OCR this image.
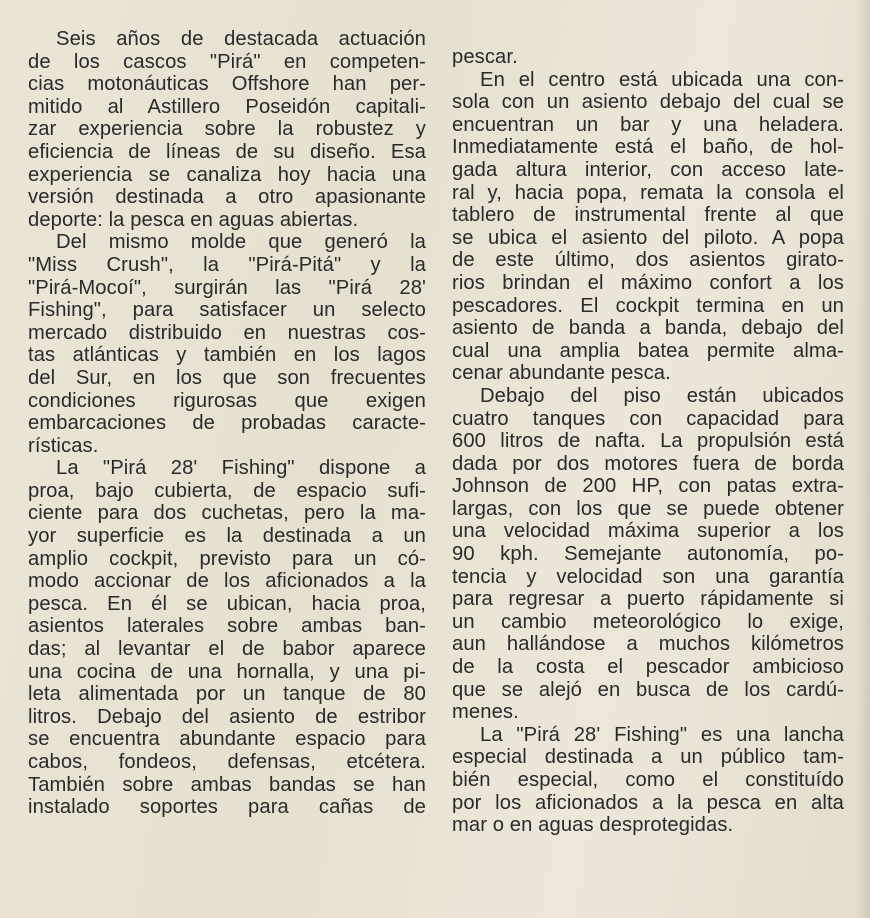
Seis años de destacada actuación
de los cascos "Pirá" en competen-
cias motonáuticas Offshore han per-
mitido al Astillero Poseidón capitali-
zar experiencia sobre la robustez y
eficiencia de líneas de su diseño. Esa
experiencia se canaliza hoy hacia una
versión destinada a otro apasionante
deporte: la pesca en aguas abiertas.
Del mismo molde que generó la
"Miss Crush", la "Pirá-Pitá" y la
"Pirá-Mocoí", surgirán las "Pirá 28'
Fishing", para satisfacer un selecto
mercado distribuido en nuestras cos-
tas atlánticas y también en los lagos
del Sur, en los que son frecuentes
condiciones rigurosas que exigen
embarcaciones de probadas caracte-
rísticas.
La "Pirá 28' Fishing" dispone a
proa, bajo cubierta, de espacio sufi-
ciente para dos cuchetas, pero la ma-
yor superficie es la destinada a un
amplio cockpit, previsto para un có-
modo accionar de los aficionados a la
pesca. En él se ubican, hacia proa,
asientos laterales sobre ambas ban-
das; al levantar el de babor aparece
una cocina de una hornalla, y una pi-
leta alimentada por un tanque de 80
litros. Debajo del asiento de estribor
se encuentra abundante espacio para
cabos, fondeos, defensas, etcétera.
También sobre ambas bandas se han
instalado soportes para cañas de
pescar.
En el centro está ubicada una con-
sola con un asiento debajo del cual se
encuentran un bar y una heladera.
Inmediatamente está el baño, de hol-
gada altura interior, con acceso late-
ral y, hacia popa, remata la consola el
tablero de instrumental frente al que
se ubica el asiento del piloto. A popa
de este último, dos asientos girato-
rios brindan el máximo confort a los
pescadores. El cockpit termina en un
asiento de banda a banda, debajo del
cual una amplia batea permite alma-
cenar abundante pesca.
Debajo del piso están ubicados
cuatro tanques con capacidad para
600 litros de nafta. La propulsión está
dada por dos motores fuera de borda
Johnson de 200 HP, con patas extra-
largas, con los que se puede obtener
una velocidad máxima superior a los
90 kph. Semejante autonomía, po-
tencia y velocidad son una garantía
para regresar a puerto rápidamente si
un cambio meteorológico lo exige,
aun hallándose a muchos kilómetros
de la costa el pescador ambicioso
que se alejó en busca de los cardú-
menes.
La "Pirá 28' Fishing" es una lancha
especial destinada a un público tam-
bién especial, como el constituído
por los aficionados a la pesca en alta
mar o en aguas desprotegidas.
